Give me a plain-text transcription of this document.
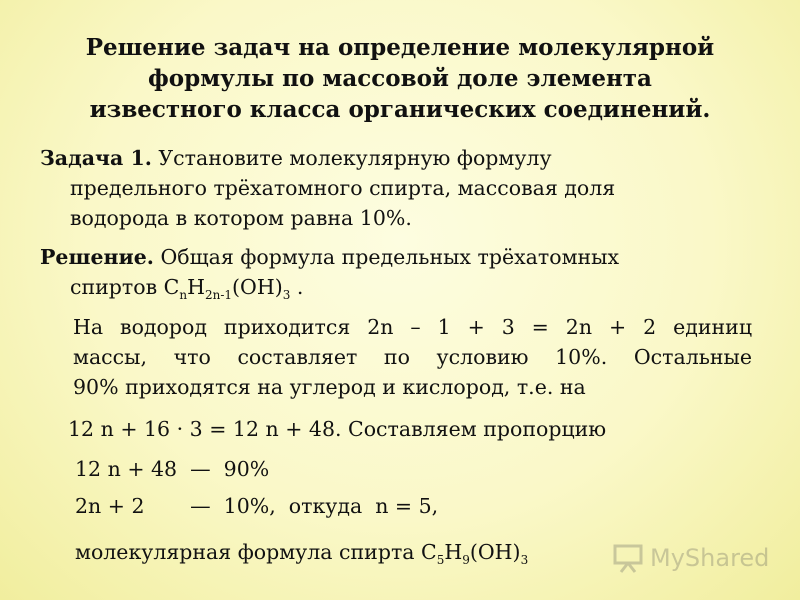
Решение задач на определение молекулярной
формулы по массовой доле элемента
известного класса органических соединений.
Задача 1. Установите молекулярную формулу
предельного трёхатомного спирта, массовая доля
водорода в котором равна 10%.
Решение. Общая формула предельных трёхатомных
спиртов $C_nH_{2n-1}(OH)_3$ .
На водород приходится 2n – 1 + 3 = 2n + 2 единиц
массы, что составляет по условию 10%. Остальные
90% приходятся на углерод и кислород, т.е. на
12 n + 16 · 3 = 12 n + 48. Составляем пропорцию
12 n + 48  —  90%
2n + 2       —  10%,  откуда  n = 5,
молекулярная формула спирта $C_5H_9(OH)_3$	MyShared
